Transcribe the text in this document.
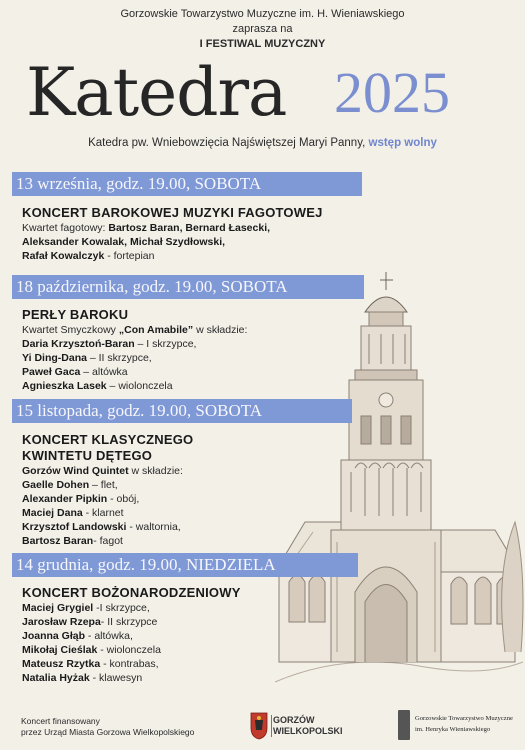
Gorzowskie Towarzystwo Muzyczne im. H. Wieniawskiego
zaprasza na
I FESTIWAL MUZYCZNY
Katedra 2025
Katedra pw. Wniebowzięcia Najświętszej Maryi Panny, wstęp wolny
13 września, godz. 19.00, SOBOTA
KONCERT BAROKOWEJ MUZYKI FAGOTOWEJ
Kwartet fagotowy: Bartosz Baran, Bernard Łasecki,
Aleksander Kowalak, Michał Szydłowski,
Rafał Kowalczyk - fortepian
18 października, godz. 19.00, SOBOTA
PERŁY BAROKU
Kwartet Smyczkowy „Con Amabile” w składzie:
Daria Krzysztoń-Baran – I skrzypce,
Yi Ding-Dana – II skrzypce,
Paweł Gaca – altówka
Agnieszka Lasek – wiolonczela
15 listopada, godz. 19.00, SOBOTA
KONCERT KLASYCZNEGO
KWINTETU DĘTEGO
Gorzów Wind Quintet w składzie:
Gaelle Dohen – flet,
Alexander Pipkin - obój,
Maciej Dana - klarnet
Krzysztof Landowski - waltornia,
Bartosz Baran- fagot
14 grudnia, godz. 19.00, NIEDZIELA
KONCERT BOŻONARODZENIOWY
Maciej Grygiel -I skrzypce,
Jarosław Rzepa- II skrzypce
Joanna Głąb - altówka,
Mikołaj Cieślak - wiolonczela
Mateusz Rzytka - kontrabas,
Natalia Hyżak - klawesyn
Koncert finansowany
przez Urząd Miasta Gorzowa Wielkopolskiego
GORZÓW
WIELKOPOLSKI
Gorzowskie Towarzystwo Muzyczne
im. Henryka Wieniawskiego
